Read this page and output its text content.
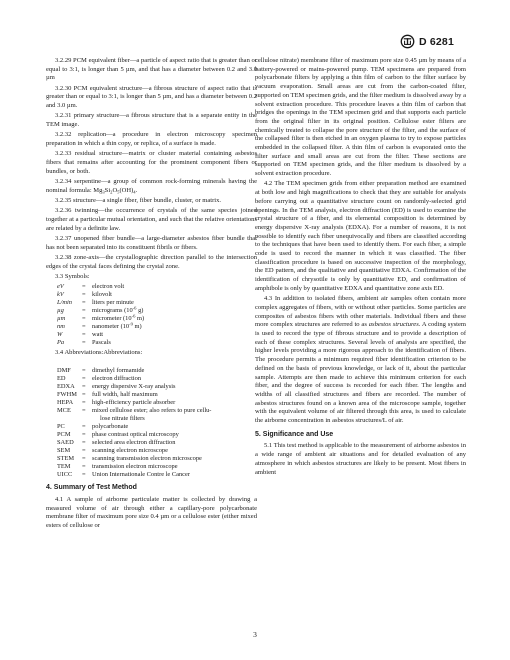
D 6281

3.2.29 PCM equivalent fiber—a particle of aspect ratio that is greater than or equal to 3:1, is longer than 5 µm, and that has a diameter between 0.2 and 3.0 µm

3.2.30 PCM equivalent structure—a fibrous structure of aspect ratio that is greater than or equal to 3:1, is longer than 5 µm, and has a diameter between 0.2 and 3.0 µm.

3.2.31 primary structure—a fibrous structure that is a separate entity in the TEM image.

3.2.32 replication—a procedure in electron microscopy specimen preparation in which a thin copy, or replica, of a surface is made.

3.2.33 residual structure—matrix or cluster material containing asbestos fibers that remains after accounting for the prominent component fibers or bundles, or both.

3.2.34 serpentine—a group of common rock-forming minerals having the nominal formula: $Mg_3Si_2O_5(OH)_4$.

3.2.35 structure—a single fiber, fiber bundle, cluster, or matrix.

3.2.36 twinning—the occurrence of crystals of the same species joined together at a particular mutual orientation, and such that the relative orientations are related by a definite law.

3.2.37 unopened fiber bundle—a large-diameter asbestos fiber bundle that has not been separated into its constituent fibrils or fibers.

3.2.38 zone-axis—the crystallographic direction parallel to the intersection edges of the crystal faces defining the crystal zone.

3.3 Symbols:

eV	=	electron volt
kV	=	kilovolt
L/min	=	liters per minute
µg	=	micrograms ($10^{-6}$ g)
µm	=	micrometer ($10^{-6}$ m)
nm	=	nanometer ($10^{-9}$ m)
W	=	watt
Pa	=	Pascals

3.4 Abbreviations:Abbreviations:

DMF	=	dimethyl formamide
ED	=	electron diffraction
EDXA	=	energy dispersive X-ray analysis
FWHM	=	full width, half maximum
HEPA	=	high-efficiency particle absorber
MCE	=	mixed cellulose ester; also refers to pure cellu-
lose nitrate filters

PC	=	polycarbonate
PCM	=	phase contrast optical microscopy
SAED	=	selected area electron diffraction
SEM	=	scanning electron microscope
STEM	=	scanning transmission electron microscope
TEM	=	transmission electron microscope
UICC	=	Union Internationale Contre le Cancer
4. Summary of Test Method

4.1 A sample of airborne particulate matter is collected by drawing a measured volume of air through either a capillary-pore polycarbonate membrane filter of maximum pore size 0.4 µm or a cellulose ester (either mixed esters of cellulose or

cellulose nitrate) membrane filter of maximum pore size 0.45 µm by means of a battery-powered or mains-powered pump. TEM specimens are prepared from polycarbonate filters by applying a thin film of carbon to the filter surface by vacuum evaporation. Small areas are cut from the carbon-coated filter, supported on TEM specimen grids, and the filter medium is dissolved away by a solvent extraction procedure. This procedure leaves a thin film of carbon that bridges the openings in the TEM specimen grid and that supports each particle from the original filter in its original position. Cellulose ester filters are chemically treated to collapse the pore structure of the filter, and the surface of the collapsed filter is then etched in an oxygen plasma to try to expose particles embedded in the collapsed filter. A thin film of carbon is evaporated onto the filter surface and small areas are cut from the filter. These sections are supported on TEM specimen grids, and the filter medium is dissolved by a solvent extraction procedure.

4.2 The TEM specimen grids from either preparation method are examined at both low and high magnifications to check that they are suitable for analysis before carrying out a quantitative structure count on randomly-selected grid openings. In the TEM analysis, electron diffraction (ED) is used to examine the crystal structure of a fiber, and its elemental composition is determined by energy dispersive X-ray analysis (EDXA). For a number of reasons, it is not possible to identify each fiber unequivocally and fibers are classified according to the techniques that have been used to identify them. For each fiber, a simple code is used to record the manner in which it was classified. The fiber classification procedure is based on successive inspection of the morphology, the ED pattern, and the qualitative and quantitative EDXA. Confirmation of the identification of chrysotile is only by quantitative ED, and confirmation of amphibole is only by quantitative EDXA and quantitative zone axis ED.

4.3 In addition to isolated fibers, ambient air samples often contain more complex aggregates of fibers, with or without other particles. Some particles are composites of asbestos fibers with other materials. Individual fibers and these more complex structures are referred to as asbestos structures. A coding system is used to record the type of fibrous structure and to provide a description of each of these complex structures. Several levels of analysis are specified, the higher levels providing a more rigorous approach to the identification of fibers. The procedure permits a minimum required fiber identification criterion to be defined on the basis of previous knowledge, or lack of it, about the particular sample. Attempts are then made to achieve this minimum criterion for each fiber, and the degree of success is recorded for each fiber. The lengths and widths of all classified structures and fibers are recorded. The number of asbestos structures found on a known area of the microscope sample, together with the equivalent volume of air filtered through this area, is used to calculate the airborne concentration in asbestos structures/L of air.

5. Significance and Use

5.1 This test method is applicable to the measurement of airborne asbestos in a wide range of ambient air situations and for detailed evaluation of any atmosphere in which asbestos structures are likely to be present. Most fibers in ambient

3
